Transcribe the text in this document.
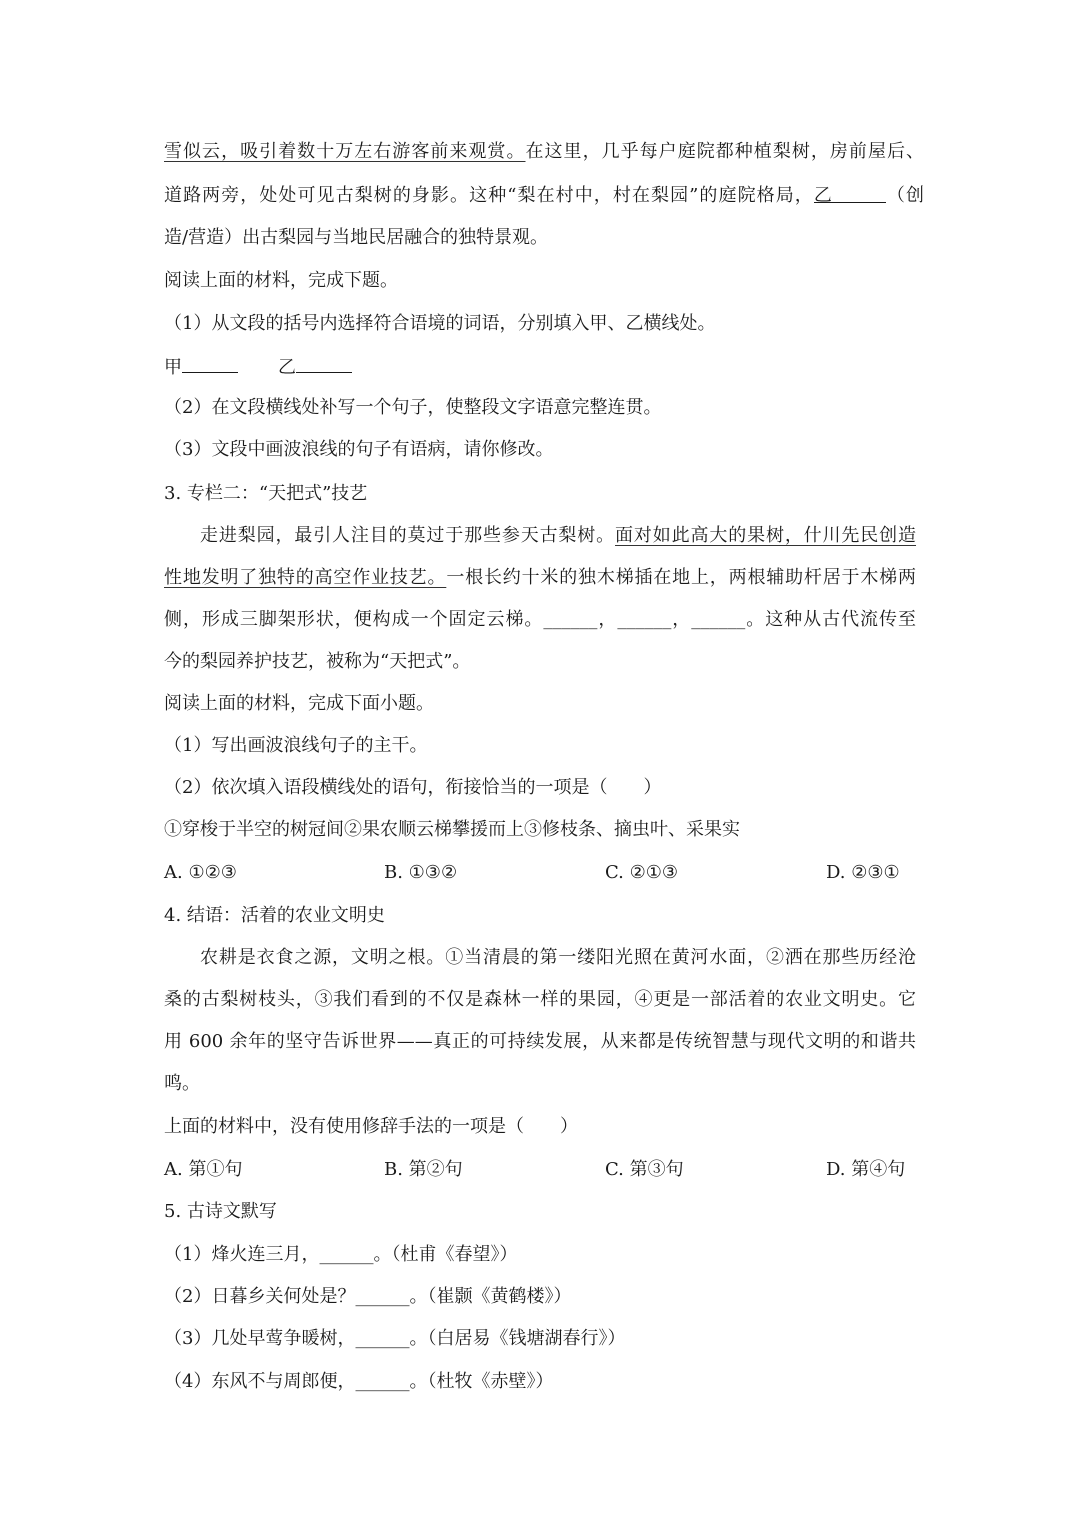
雪似云，吸引着数十万左右游客前来观赏。在这里，几乎每户庭院都种植梨树，房前屋后、
道路两旁，处处可见古梨树的身影。这种“梨在村中，村在梨园”的庭院格局，乙	（创
造/营造）出古梨园与当地民居融合的独特景观。
阅读上面的材料，完成下题。
（1）从文段的括号内选择符合语境的词语，分别填入甲、乙横线处。
甲	乙
（2）在文段横线处补写一个句子，使整段文字语意完整连贯。
（3）文段中画波浪线的句子有语病，请你修改。
3. 专栏二：“天把式”技艺
走进梨园，最引人注目的莫过于那些参天古梨树。面对如此高大的果树，什川先民创造
性地发明了独特的高空作业技艺。一根长约十米的独木梯插在地上，两根辅助杆居于木梯两
侧，形成三脚架形状，便构成一个固定云梯。______，______，______。这种从古代流传至
今的梨园养护技艺，被称为“天把式”。
阅读上面的材料，完成下面小题。
（1）写出画波浪线句子的主干。
（2）依次填入语段横线处的语句，衔接恰当的一项是（　　）
①穿梭于半空的树冠间②果农顺云梯攀援而上③修枝条、摘虫叶、采果实
A. ①②③	B. ①③②	C. ②①③	D. ②③①
4. 结语：活着的农业文明史
农耕是衣食之源，文明之根。①当清晨的第一缕阳光照在黄河水面，②洒在那些历经沧
桑的古梨树枝头，③我们看到的不仅是森林一样的果园，④更是一部活着的农业文明史。它
用 600 余年的坚守告诉世界——真正的可持续发展，从来都是传统智慧与现代文明的和谐共
鸣。
上面的材料中，没有使用修辞手法的一项是（　　）
A. 第①句	B. 第②句	C. 第③句	D. 第④句
5. 古诗文默写
（1）烽火连三月，______。（杜甫《春望》）
（2）日暮乡关何处是？______。（崔颢《黄鹤楼》）
（3）几处早莺争暖树，______。（白居易《钱塘湖春行》）
（4）东风不与周郎便，______。（杜牧《赤壁》）
